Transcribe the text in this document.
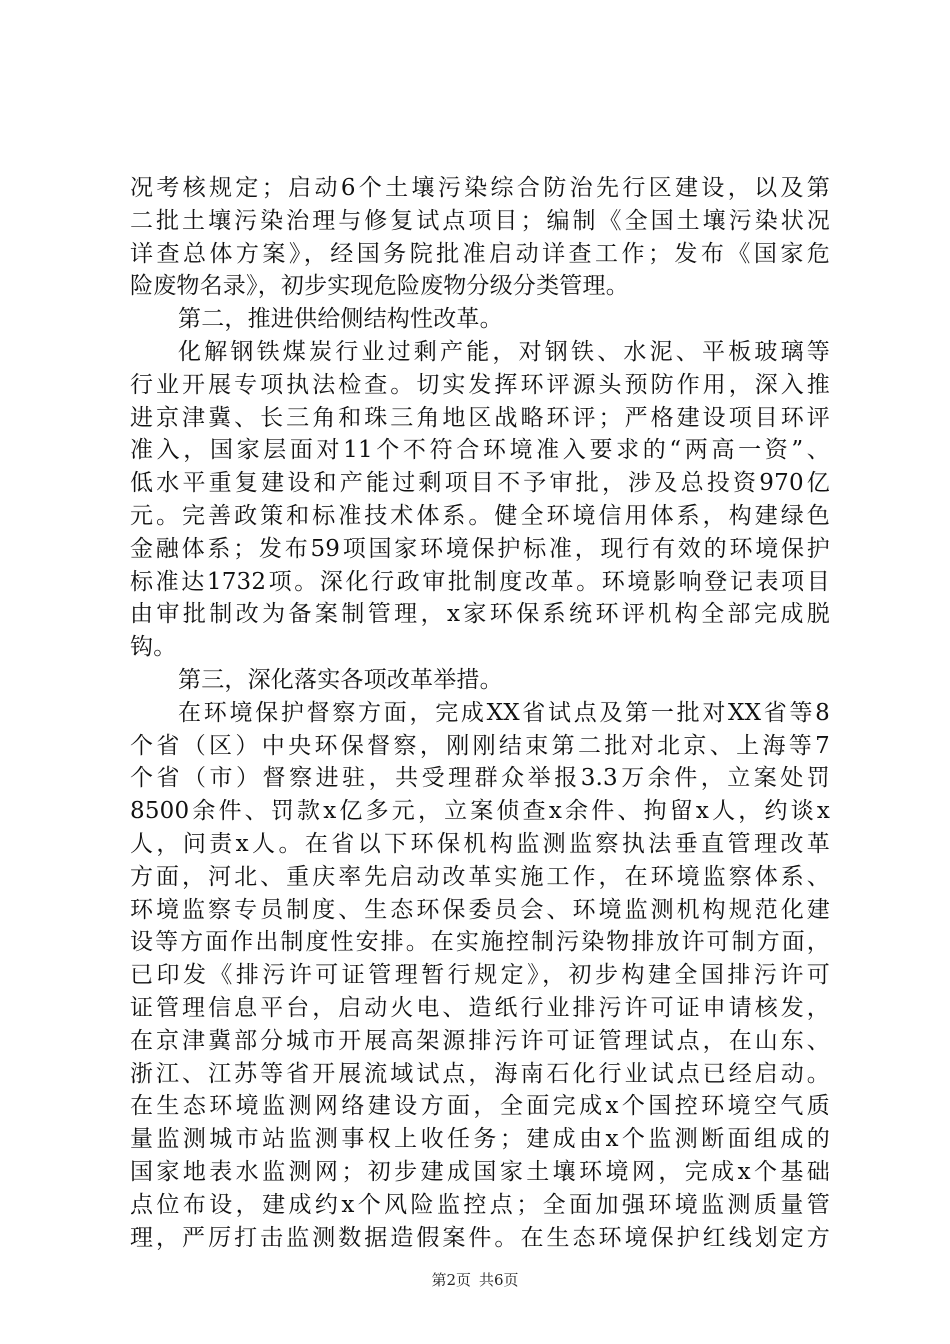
况考核规定；启动6个土壤污染综合防治先行区建设，以及第
二批土壤污染治理与修复试点项目；编制《全国土壤污染状况
详查总体方案》，经国务院批准启动详查工作；发布《国家危
险废物名录》，初步实现危险废物分级分类管理。
第二，推进供给侧结构性改革。
化解钢铁煤炭行业过剩产能，对钢铁、水泥、平板玻璃等
行业开展专项执法检查。切实发挥环评源头预防作用，深入推
进京津冀、长三角和珠三角地区战略环评；严格建设项目环评
准入，国家层面对11个不符合环境准入要求的“两高一资”、
低水平重复建设和产能过剩项目不予审批，涉及总投资970亿
元。完善政策和标准技术体系。健全环境信用体系，构建绿色
金融体系；发布59项国家环境保护标准，现行有效的环境保护
标准达1732项。深化行政审批制度改革。环境影响登记表项目
由审批制改为备案制管理，x家环保系统环评机构全部完成脱
钩。
第三，深化落实各项改革举措。
在环境保护督察方面，完成XX省试点及第一批对XX省等8
个省（区）中央环保督察，刚刚结束第二批对北京、上海等7
个省（市）督察进驻，共受理群众举报3.3万余件，立案处罚
8500余件、罚款x亿多元，立案侦查x余件、拘留x人，约谈x
人，问责x人。在省以下环保机构监测监察执法垂直管理改革
方面，河北、重庆率先启动改革实施工作，在环境监察体系、
环境监察专员制度、生态环保委员会、环境监测机构规范化建
设等方面作出制度性安排。在实施控制污染物排放许可制方面，
已印发《排污许可证管理暂行规定》，初步构建全国排污许可
证管理信息平台，启动火电、造纸行业排污许可证申请核发，
在京津冀部分城市开展高架源排污许可证管理试点，在山东、
浙江、江苏等省开展流域试点，海南石化行业试点已经启动。
在生态环境监测网络建设方面，全面完成x个国控环境空气质
量监测城市站监测事权上收任务；建成由x个监测断面组成的
国家地表水监测网；初步建成国家土壤环境网，完成x个基础
点位布设，建成约x个风险监控点；全面加强环境监测质量管
理，严厉打击监测数据造假案件。在生态环境保护红线划定方
第2页 共6页
